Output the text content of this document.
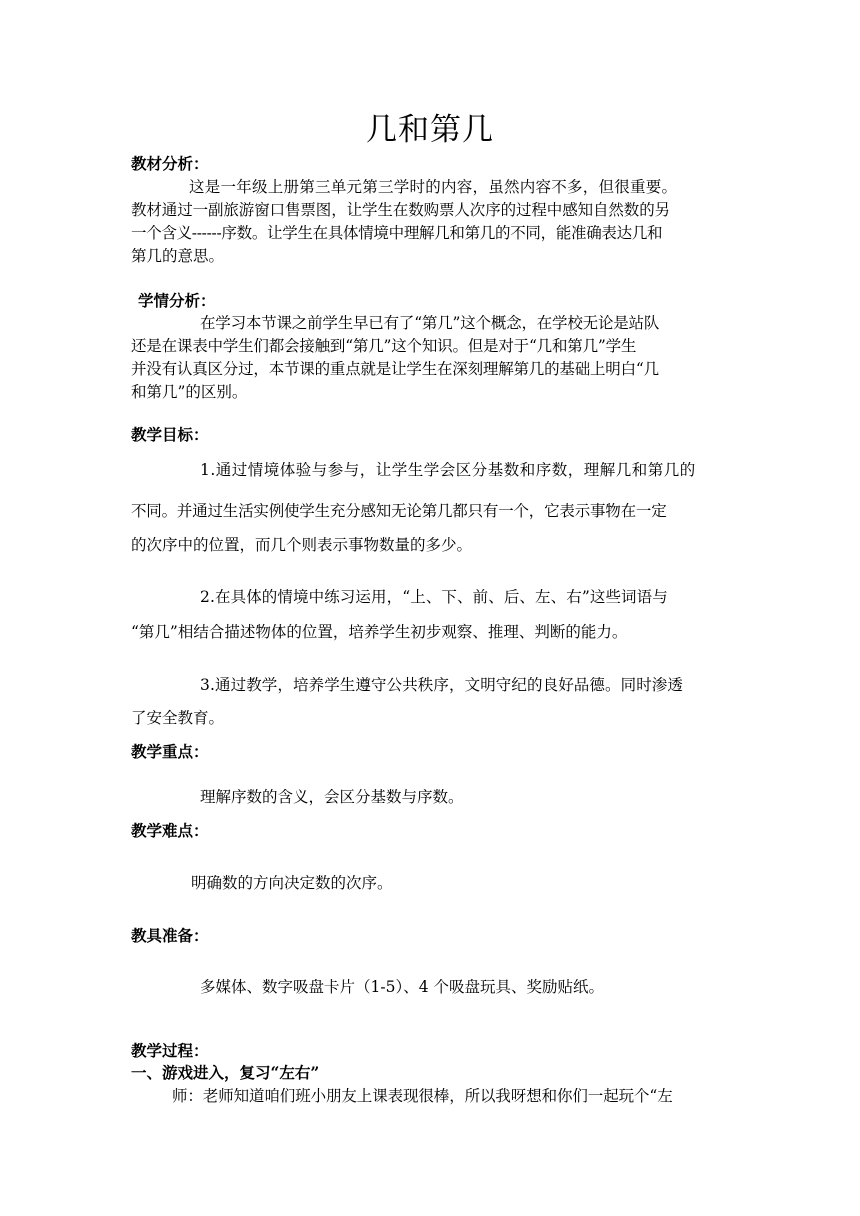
几和第几
教材分析：
这是一年级上册第三单元第三学时的内容，虽然内容不多，但很重要。
教材通过一副旅游窗口售票图，让学生在数购票人次序的过程中感知自然数的另
一个含义------序数。让学生在具体情境中理解几和第几的不同，能准确表达几和
第几的意思。
学情分析：
在学习本节课之前学生早已有了“第几”这个概念，在学校无论是站队
还是在课表中学生们都会接触到“第几”这个知识。但是对于“几和第几”学生
并没有认真区分过，本节课的重点就是让学生在深刻理解第几的基础上明白“几
和第几”的区别。
教学目标：
1.通过情境体验与参与，让学生学会区分基数和序数，理解几和第几的
不同。并通过生活实例使学生充分感知无论第几都只有一个，它表示事物在一定
的次序中的位置，而几个则表示事物数量的多少。
2.在具体的情境中练习运用，“上、下、前、后、左、右”这些词语与
“第几”相结合描述物体的位置，培养学生初步观察、推理、判断的能力。
3.通过教学，培养学生遵守公共秩序，文明守纪的良好品德。同时渗透
了安全教育。
教学重点：
理解序数的含义，会区分基数与序数。
教学难点：
明确数的方向决定数的次序。
教具准备：
多媒体、数字吸盘卡片（1-5）、4 个吸盘玩具、奖励贴纸。
教学过程：
一、游戏进入，复习“左右”
师：老师知道咱们班小朋友上课表现很棒，所以我呀想和你们一起玩个“左
